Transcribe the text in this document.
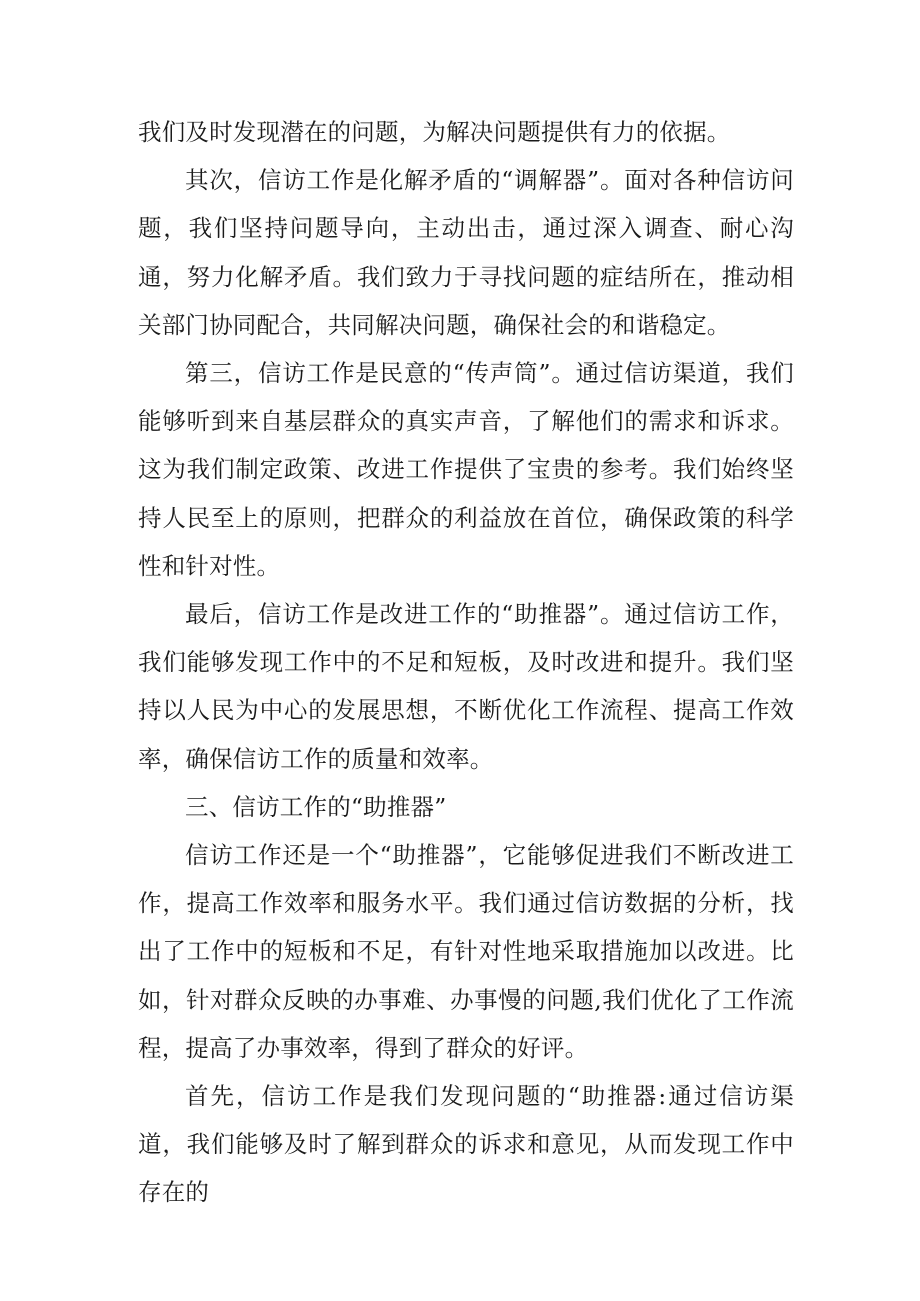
我们及时发现潜在的问题，为解决问题提供有力的依据。

其次，信访工作是化解矛盾的“调解器”。面对各种信访问题，我们坚持问题导向，主动出击，通过深入调查、耐心沟通，努力化解矛盾。我们致力于寻找问题的症结所在，推动相关部门协同配合，共同解决问题，确保社会的和谐稳定。

第三，信访工作是民意的“传声筒”。通过信访渠道，我们能够听到来自基层群众的真实声音，了解他们的需求和诉求。这为我们制定政策、改进工作提供了宝贵的参考。我们始终坚持人民至上的原则，把群众的利益放在首位，确保政策的科学性和针对性。

最后，信访工作是改进工作的“助推器”。通过信访工作，我们能够发现工作中的不足和短板，及时改进和提升。我们坚持以人民为中心的发展思想，不断优化工作流程、提高工作效率，确保信访工作的质量和效率。

三、信访工作的“助推器”

信访工作还是一个“助推器”，它能够促进我们不断改进工作，提高工作效率和服务水平。我们通过信访数据的分析，找出了工作中的短板和不足，有针对性地采取措施加以改进。比如，针对群众反映的办事难、办事慢的问题,我们优化了工作流程，提高了办事效率，得到了群众的好评。

首先，信访工作是我们发现问题的“助推器:通过信访渠道，我们能够及时了解到群众的诉求和意见，从而发现工作中存在的
